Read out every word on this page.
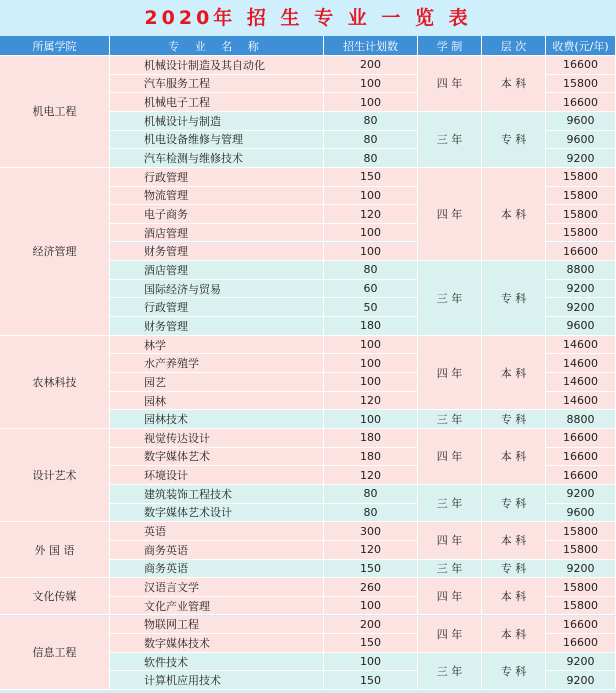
2020年 招 生 专 业 一 览 表
所属学院	专 业 名 称	招生计划数	学 制	层 次	收费(元/年)
机电工程
机械设计制造及其自动化	200	16600
汽车服务工程	100	15800
机械电子工程	100	16600
四 年	本 科
机械设计与制造	80	9600
机电设备维修与管理	80	9600
汽车检测与维修技术	80	9200
三 年	专 科
经济管理
行政管理	150	15800
物流管理	100	15800
电子商务	120	15800
酒店管理	100	15800
财务管理	100	16600
四 年	本 科
酒店管理	80	8800
国际经济与贸易	60	9200
行政管理	50	9200
财务管理	180	9600
三 年	专 科
农林科技
林学	100	14600
水产养殖学	100	14600
园艺	100	14600
园林	120	14600
四 年	本 科
园林技术	100	8800
三 年	专 科
设计艺术
视觉传达设计	180	16600
数字媒体艺术	180	16600
环境设计	120	16600
四 年	本 科
建筑装饰工程技术	80	9200
数字媒体艺术设计	80	9600
三 年	专 科
外 国 语
英语	300	15800
商务英语	120	15800
四 年	本 科
商务英语	150	9200
三 年	专 科
文化传媒
汉语言文学	260	15800
文化产业管理	100	15800
四 年	本 科
信息工程
物联网工程	200	16600
数字媒体技术	150	16600
四 年	本 科
软件技术	100	9200
计算机应用技术	150	9200
三 年	专 科
